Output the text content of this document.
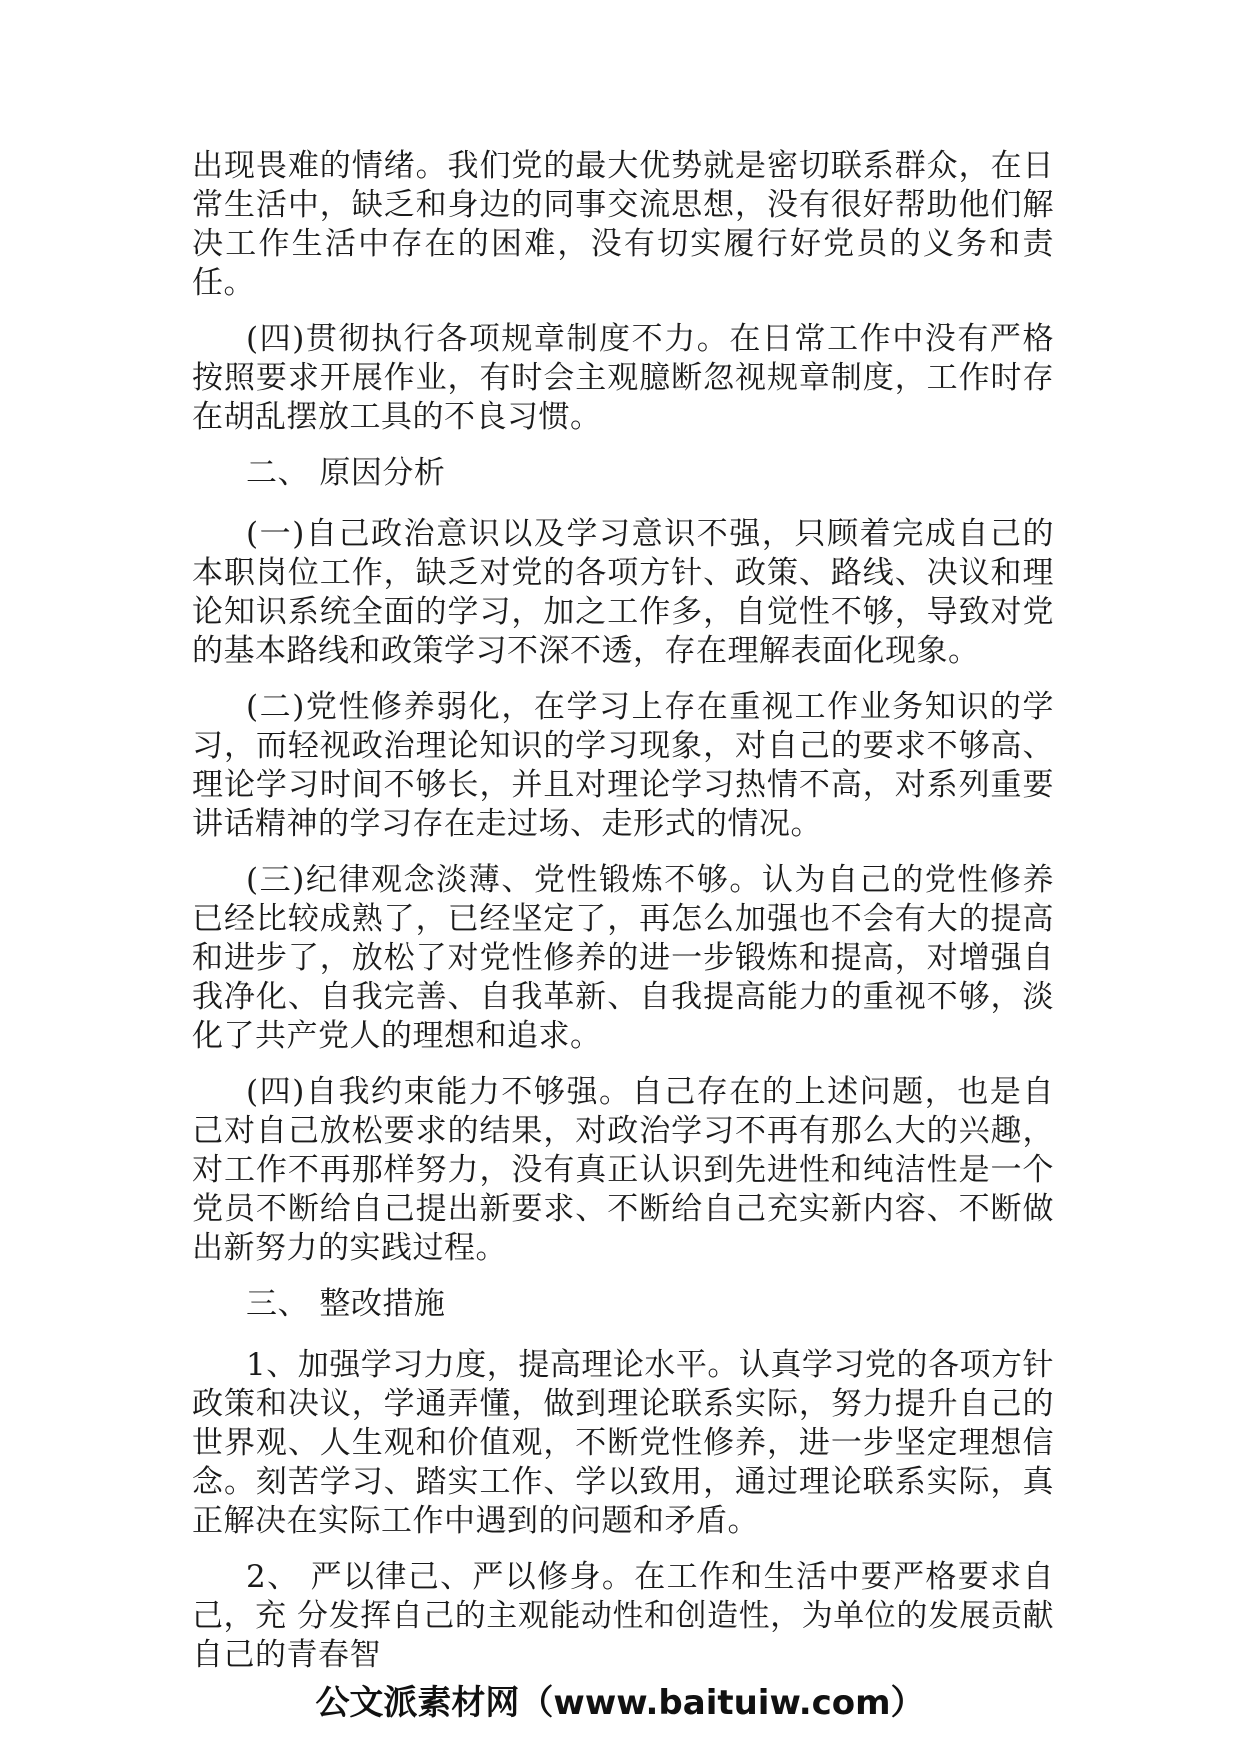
出现畏难的情绪。我们党的最大优势就是密切联系群众，在日常生活中，缺乏和身边的同事交流思想，没有很好帮助他们解决工作生活中存在的困难，没有切实履行好党员的义务和责任。

(四)贯彻执行各项规章制度不力。在日常工作中没有严格按照要求开展作业，有时会主观臆断忽视规章制度，工作时存在胡乱摆放工具的不良习惯。

二、 原因分析

(一)自己政治意识以及学习意识不强，只顾着完成自己的本职岗位工作，缺乏对党的各项方针、政策、路线、决议和理论知识系统全面的学习，加之工作多，自觉性不够，导致对党的基本路线和政策学习不深不透，存在理解表面化现象。

(二)党性修养弱化，在学习上存在重视工作业务知识的学习，而轻视政治理论知识的学习现象，对自己的要求不够高、理论学习时间不够长，并且对理论学习热情不高，对系列重要讲话精神的学习存在走过场、走形式的情况。

(三)纪律观念淡薄、党性锻炼不够。认为自己的党性修养已经比较成熟了，已经坚定了，再怎么加强也不会有大的提高和进步了，放松了对党性修养的进一步锻炼和提高，对增强自我净化、自我完善、自我革新、自我提高能力的重视不够，淡化了共产党人的理想和追求。

(四)自我约束能力不够强。自己存在的上述问题，也是自己对自己放松要求的结果，对政治学习不再有那么大的兴趣，对工作不再那样努力，没有真正认识到先进性和纯洁性是一个党员不断给自己提出新要求、不断给自己充实新内容、不断做出新努力的实践过程。

三、 整改措施

1、加强学习力度，提高理论水平。认真学习党的各项方针政策和决议，学通弄懂，做到理论联系实际，努力提升自己的世界观、人生观和价值观，不断党性修养，进一步坚定理想信念。刻苦学习、踏实工作、学以致用，通过理论联系实际，真正解决在实际工作中遇到的问题和矛盾。

2、 严以律己、严以修身。在工作和生活中要严格要求自己，充 分发挥自己的主观能动性和创造性，为单位的发展贡献自己的青春智

公文派素材网（www.baituiw.com）
